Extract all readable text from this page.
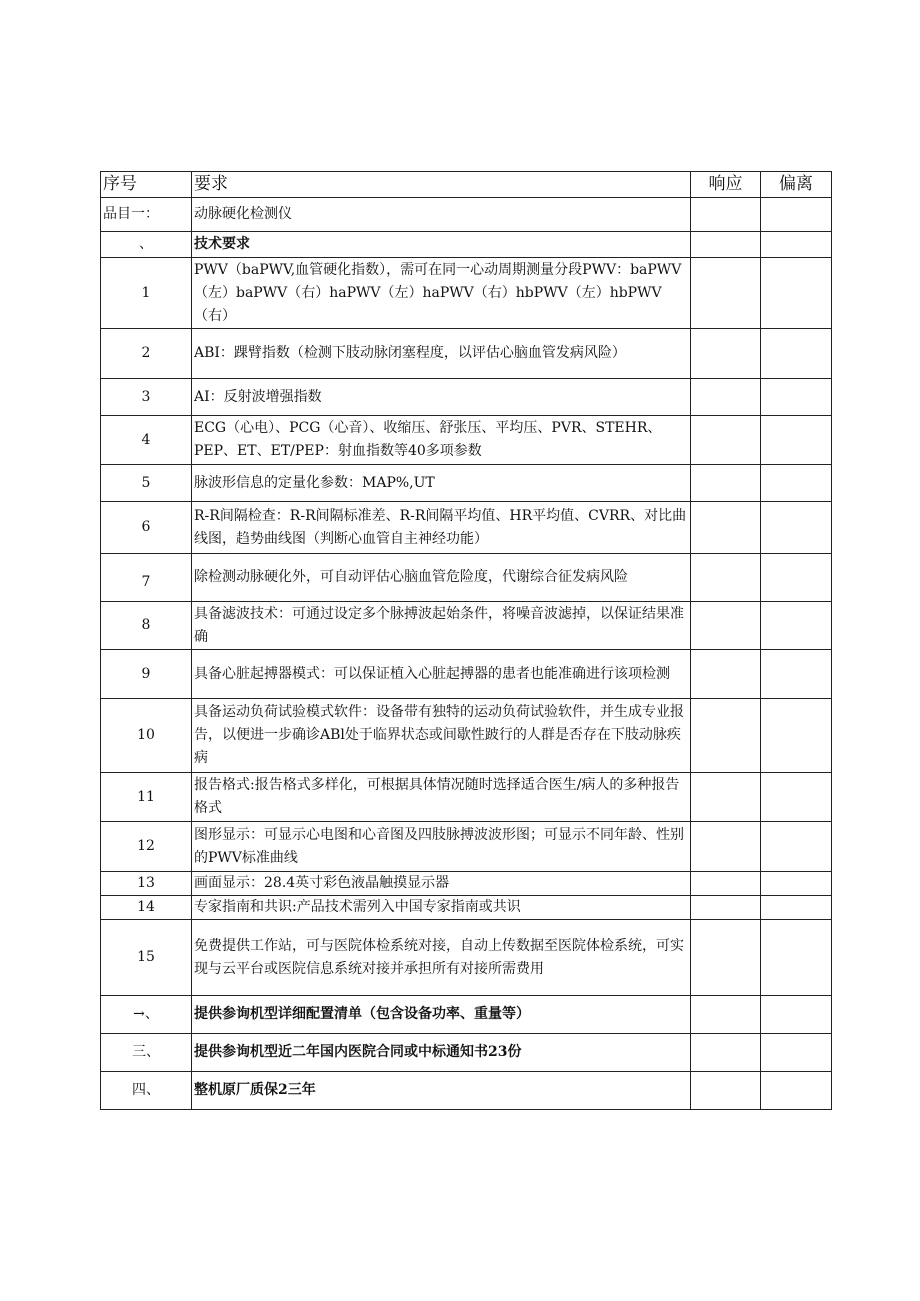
序号	要求	响应	偏离
品目一：	动脉硬化检测仪		
、	技术要求		
1	PWV（baPWV,血管硬化指数），需可在同一心动周期测量分段PWV：baPWV（左）baPWV（右）haPWV（左）haPWV（右）hbPWV（左）hbPWV（右）		
2	ABI：踝臂指数（检测下肢动脉闭塞程度，以评估心脑血管发病风险）		
3	AI：反射波增强指数		
4	ECG（心电）、PCG（心音）、收缩压、舒张压、平均压、PVR、STEHR、PEP、ET、ET/PEP：射血指数等40多项参数		
5	脉波形信息的定量化参数：MAP%,UT		
6	R-R间隔检查：R-R间隔标准差、R-R间隔平均值、HR平均值、CVRR、对比曲线图，趋势曲线图（判断心血管自主神经功能）		
7	除检测动脉硬化外，可自动评估心脑血管危险度，代谢综合征发病风险		
8	具备滤波技术：可通过设定多个脉搏波起始条件，将噪音波滤掉，以保证结果准确		
9	具备心脏起搏器模式：可以保证植入心脏起搏器的患者也能准确进行该项检测		
10	具备运动负荷试验模式软件：设备带有独特的运动负荷试验软件，并生成专业报告，以便进一步确诊ABl处于临界状态或间歇性跛行的人群是否存在下肢动脉疾病		
11	报告格式:报告格式多样化，可根据具体情况随时选择适合医生/病人的多种报告格式		
12	图形显示：可显示心电图和心音图及四肢脉搏波波形图；可显示不同年龄、性别的PWV标准曲线		
13	画面显示：28.4英寸彩色液晶触摸显示器		
14	专家指南和共识:产品技术需列入中国专家指南或共识		
15	免费提供工作站，可与医院体检系统对接，自动上传数据至医院体检系统，可实现与云平台或医院信息系统对接并承担所有对接所需费用		
→、	提供参询机型详细配置清单（包含设备功率、重量等）		
三、	提供参询机型近二年国内医院合同或中标通知书23份		
四、	整机原厂质保2三年		
